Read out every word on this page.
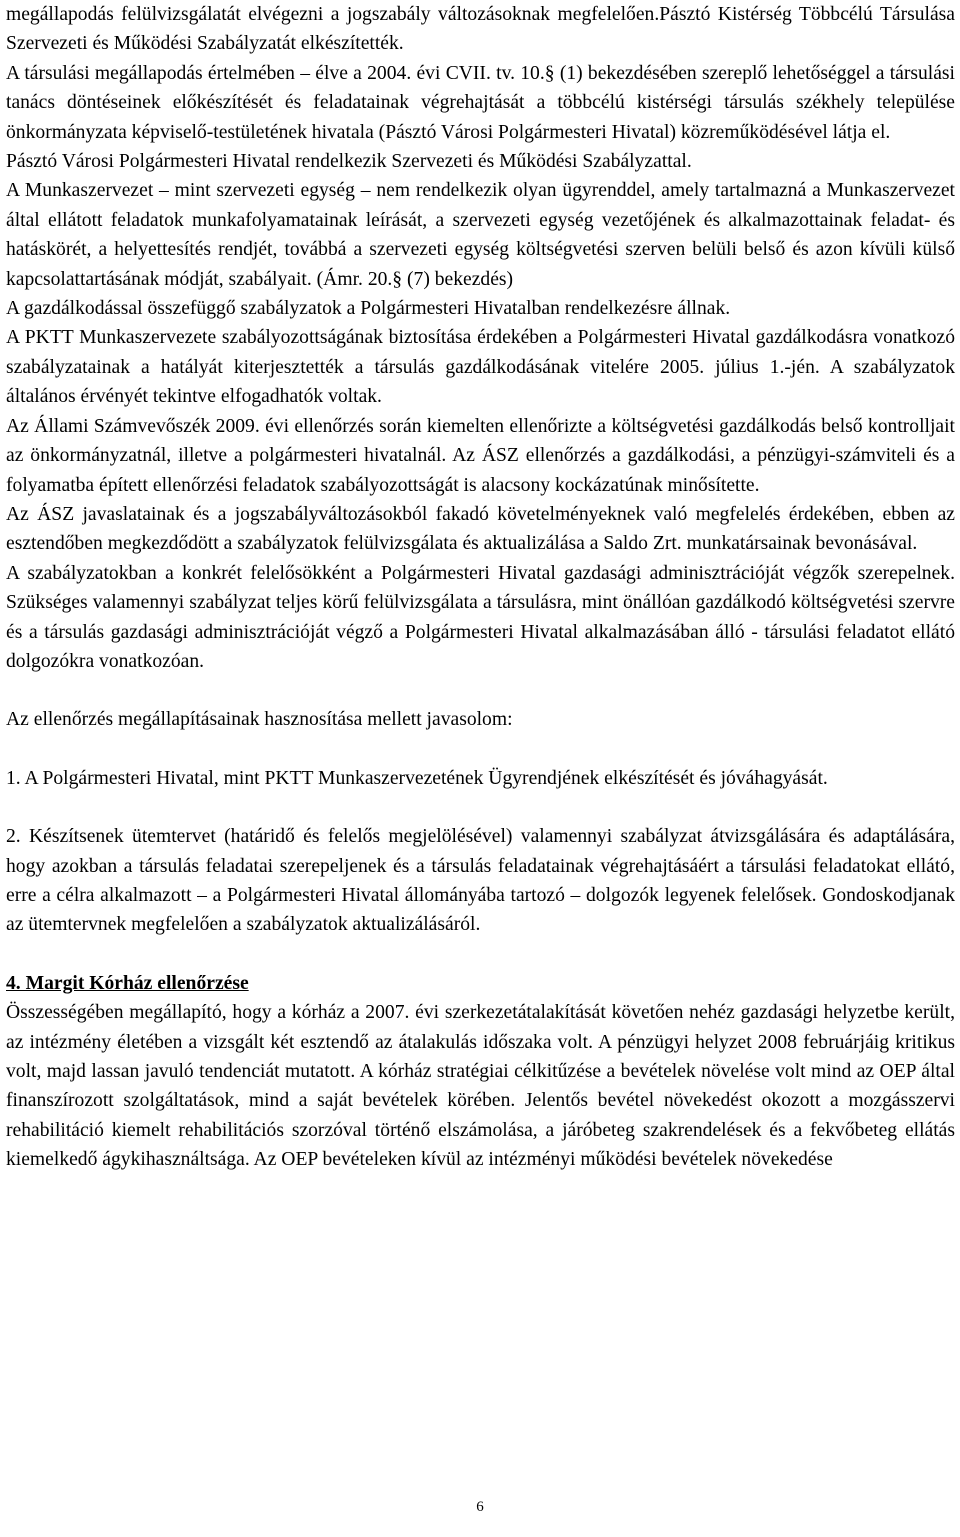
megállapodás felülvizsgálatát elvégezni a jogszabály változásoknak megfelelően.Pásztó Kistérség Többcélú Társulása Szervezeti és Működési Szabályzatát elkészítették.

A társulási megállapodás értelmében – élve a 2004. évi CVII. tv. 10.§ (1) bekezdésében szereplő lehetőséggel a társulási tanács döntéseinek előkészítését és feladatainak végrehajtását a többcélú kistérségi társulás székhely települése önkormányzata képviselő-testületének hivatala (Pásztó Városi Polgármesteri Hivatal) közreműködésével látja el.

Pásztó Városi Polgármesteri Hivatal rendelkezik Szervezeti és Működési Szabályzattal.

A Munkaszervezet – mint szervezeti egység – nem rendelkezik olyan ügyrenddel, amely tartalmazná a Munkaszervezet által ellátott feladatok munkafolyamatainak leírását, a szervezeti egység vezetőjének és alkalmazottainak feladat- és hatáskörét, a helyettesítés rendjét, továbbá a szervezeti egység költségvetési szerven belüli belső és azon kívüli külső kapcsolattartásának módját, szabályait. (Ámr. 20.§ (7) bekezdés)

A gazdálkodással összefüggő szabályzatok a Polgármesteri Hivatalban rendelkezésre állnak.

A PKTT Munkaszervezete szabályozottságának biztosítása érdekében a Polgármesteri Hivatal gazdálkodásra vonatkozó szabályzatainak a hatályát kiterjesztették a társulás gazdálkodásának vitelére 2005. július 1.-jén. A szabályzatok általános érvényét tekintve elfogadhatók voltak.

Az Állami Számvevőszék 2009. évi ellenőrzés során kiemelten ellenőrizte a költségvetési gazdálkodás belső kontrolljait az önkormányzatnál, illetve a polgármesteri hivatalnál. Az ÁSZ ellenőrzés a gazdálkodási, a pénzügyi-számviteli és a folyamatba épített ellenőrzési feladatok szabályozottságát is alacsony kockázatúnak minősítette.

Az ÁSZ javaslatainak és a jogszabályváltozásokból fakadó követelményeknek való megfelelés érdekében, ebben az esztendőben megkezdődött a szabályzatok felülvizsgálata és aktualizálása a Saldo Zrt. munkatársainak bevonásával.

A szabályzatokban a konkrét felelősökként a Polgármesteri Hivatal gazdasági adminisztrációját végzők szerepelnek. Szükséges valamennyi szabályzat teljes körű felülvizsgálata a társulásra, mint önállóan gazdálkodó költségvetési szervre és a társulás gazdasági adminisztrációját végző a Polgármesteri Hivatal alkalmazásában álló - társulási feladatot ellátó dolgozókra vonatkozóan.

Az ellenőrzés megállapításainak hasznosítása mellett javasolom:

1. A Polgármesteri Hivatal, mint PKTT Munkaszervezetének Ügyrendjének elkészítését és jóváhagyását.

2. Készítsenek ütemtervet (határidő és felelős megjelölésével) valamennyi szabályzat átvizsgálására és adaptálására, hogy azokban a társulás feladatai szerepeljenek és a társulás feladatainak végrehajtásáért a társulási feladatokat ellátó, erre a célra alkalmazott – a Polgármesteri Hivatal állományába tartozó – dolgozók legyenek felelősek. Gondoskodjanak az ütemtervnek megfelelően a szabályzatok aktualizálásáról.

4. Margit Kórház ellenőrzése

Összességében megállapító, hogy a kórház a 2007. évi szerkezetátalakítását követően nehéz gazdasági helyzetbe került, az intézmény életében a vizsgált két esztendő az átalakulás időszaka volt. A pénzügyi helyzet 2008 februárjáig kritikus volt, majd lassan javuló tendenciát mutatott. A kórház stratégiai célkitűzése a bevételek növelése volt mind az OEP által finanszírozott szolgáltatások, mind a saját bevételek körében. Jelentős bevétel növekedést okozott a mozgásszervi rehabilitáció kiemelt rehabilitációs szorzóval történő elszámolása, a járóbeteg szakrendelések és a fekvőbeteg ellátás kiemelkedő ágykihasználtsága. Az OEP bevételeken kívül az intézményi működési bevételek növekedése

6
